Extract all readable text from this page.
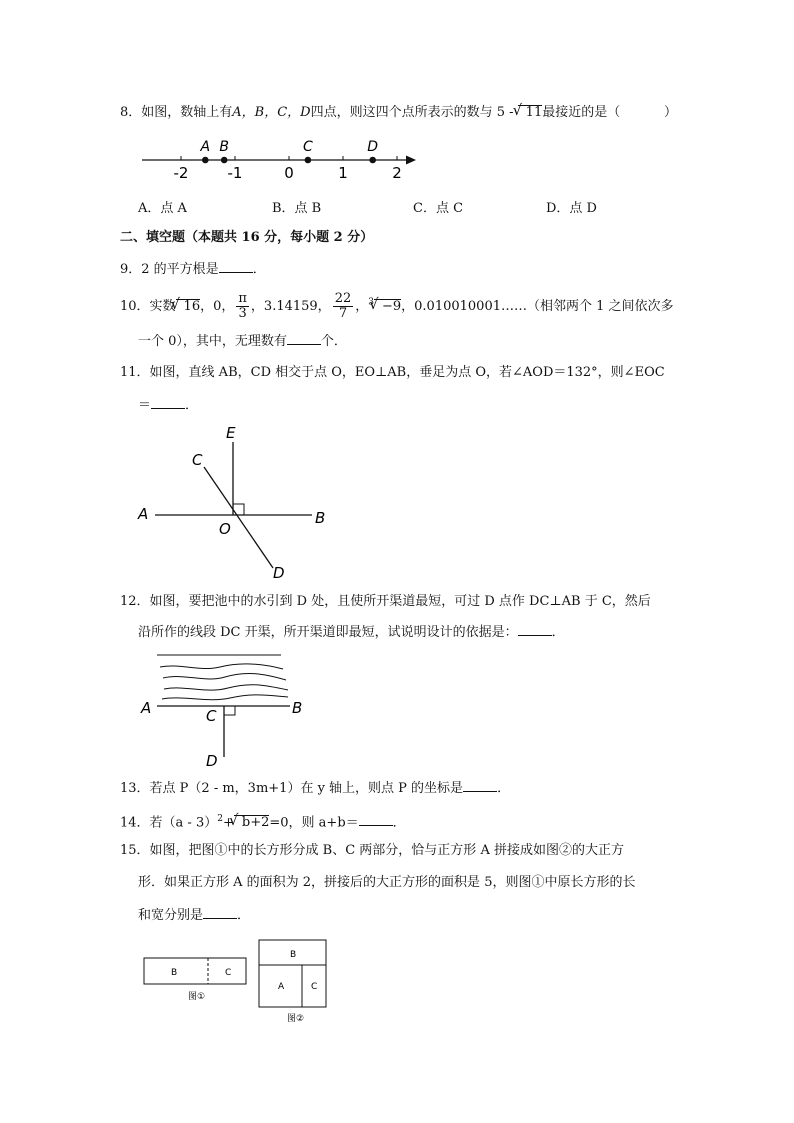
8．如图，数轴上有A，B，C，D四点，则这四个点所表示的数与 5 - √ 11最接近的是（	）
-2	-1	0	1	2
A B	C	D
A．点 A	B．点 B	C．点 C	D．点 D
二、填空题（本题共 16 分，每小题 2 分）
9．2 的平方根是	．
10．实数 √ 16，0， $\frac{\pi}{3}$ ，3.14159， $\frac{22}{7}$ ，$^3$ √ −9，0.010010001……（相邻两个 1 之间依次多
一个 0），其中，无理数有	个．
11．如图，直线 AB，CD 相交于点 O，EO⊥AB，垂足为点 O，若∠AOD＝132°，则∠EOC
＝	．
E
C
A	B
O
D
12．如图，要把池中的水引到 D 处，且使所开渠道最短，可过 D 点作 DC⊥AB 于 C，然后
沿所作的线段 DC 开渠，所开渠道即最短，试说明设计的依据是：	．
A	C	B
D
13．若点 P（2 - m，3m+1）在 y 轴上，则点 P 的坐标是	．
14．若（a - 3）$^2$+ √ b+2=0，则 a+b＝	．
15．如图，把图①中的长方形分成 B、C 两部分，恰与正方形 A 拼接成如图②的大正方
形．如果正方形 A 的面积为 2，拼接后的大正方形的面积是 5，则图①中原长方形的长
和宽分别是	．
B	C
图①
B
A	C
图②
